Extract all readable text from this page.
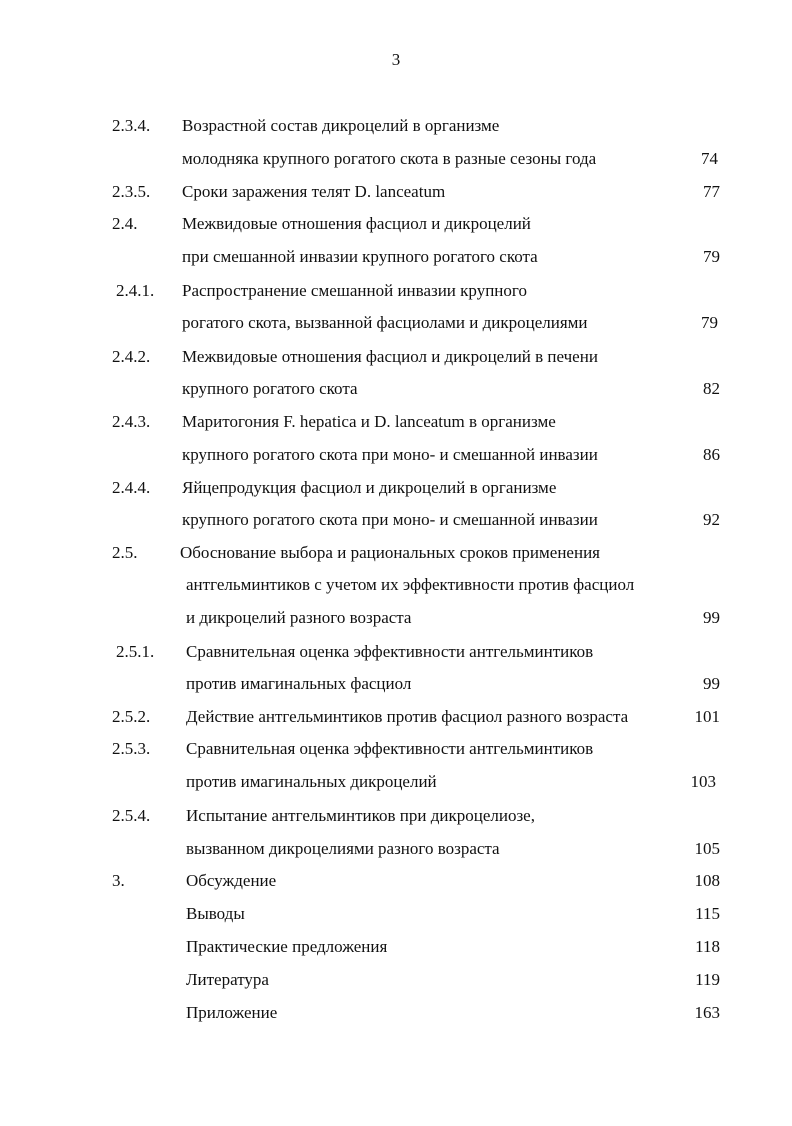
3
2.3.4. Возрастной состав дикроцелий в организме
молодняка крупного рогатого скота в разные сезоны года	74
2.3.5. Сроки заражения телят D. lanceatum	77
2.4.	Межвидовые отношения фасциол и дикроцелий
при смешанной инвазии крупного рогатого скота	79
2.4.1. Распространение смешанной инвазии крупного
рогатого скота, вызванной фасциолами и дикроцелиями	79
2.4.2. Межвидовые отношения фасциол и дикроцелий в печени
крупного рогатого скота	82
2.4.3. Маритогония F. hepatica и D. lanceatum в организме
крупного рогатого скота при моно- и смешанной инвазии	86
2.4.4. Яйцепродукция фасциол и дикроцелий в организме
крупного рогатого скота при моно- и смешанной инвазии	92
2.5.	Обоснование выбора и рациональных сроков применения
антгельминтиков с учетом их эффективности против фасциол
и дикроцелий разного возраста	99
2.5.1. Сравнительная оценка эффективности антгельминтиков
против имагинальных фасциол	99
2.5.2. Действие антгельминтиков против фасциол разного возраста	101
2.5.3. Сравнительная оценка эффективности антгельминтиков
против имагинальных дикроцелий	103
2.5.4. Испытание антгельминтиков при дикроцелиозе,
вызванном дикроцелиями разного возраста	105
3.	Обсуждение	108
Выводы	115
Практические предложения	118
Литература	119
Приложение	163
